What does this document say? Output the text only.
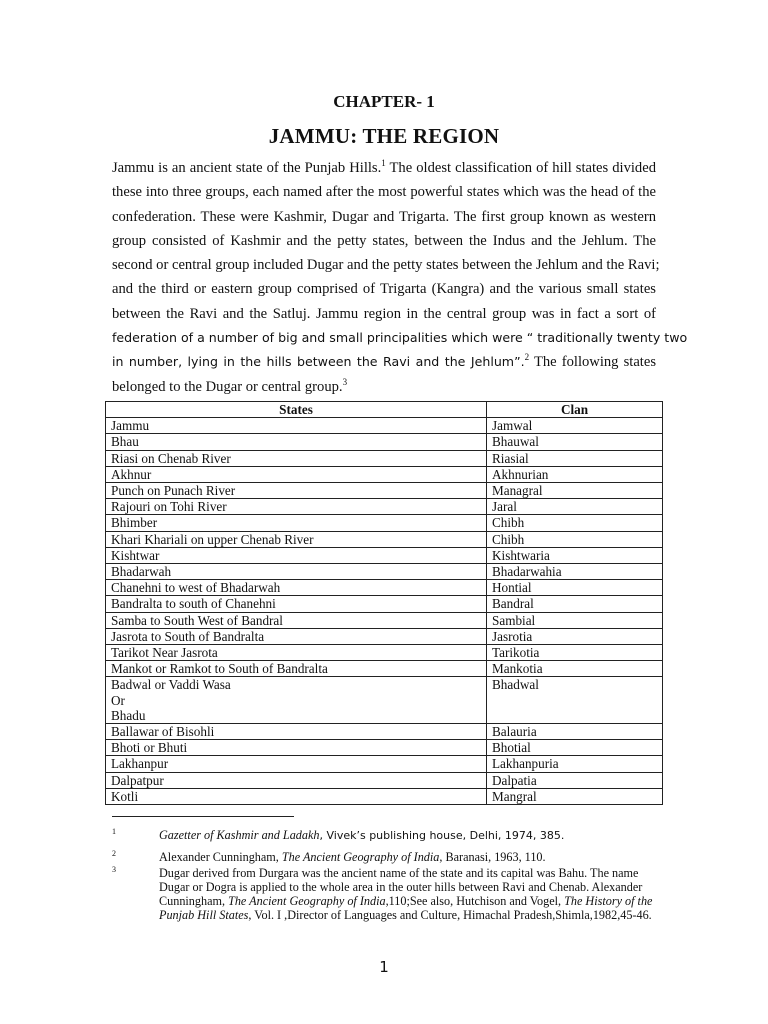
CHAPTER- 1
JAMMU: THE REGION
Jammu is an ancient state of the Punjab Hills.$^1$ The oldest classification of hill states divided
these into three groups, each named after the most powerful states which was the head of the
confederation. These were Kashmir, Dugar and Trigarta. The first group known as western
group consisted of Kashmir and the petty states, between the Indus and the Jehlum. The
second or central group included Dugar and the petty states between the Jehlum and the Ravi;
and the third or eastern group comprised of Trigarta (Kangra) and the various small states
between the Ravi and the Satluj. Jammu region in the central group was in fact a sort of
federation of a number of big and small principalities which were “ traditionally twenty two
in number, lying in the hills between the Ravi and the Jehlum”.$^2$ The following states
belonged to the Dugar or central group.$^3$
States	Clan
Jammu	Jamwal
Bhau	Bhauwal
Riasi on Chenab River	Riasial
Akhnur	Akhnurian
Punch on Punach River	Managral
Rajouri on Tohi River	Jaral
Bhimber	Chibh
Khari Khariali on upper Chenab River	Chibh
Kishtwar	Kishtwaria
Bhadarwah	Bhadarwahia
Chanehni to west of Bhadarwah	Hontial
Bandralta to south of Chanehni	Bandral
Samba to South West of Bandral	Sambial
Jasrota to South of Bandralta	Jasrotia
Tarikot Near Jasrota	Tarikotia
Mankot or Ramkot to South of Bandralta	Mankotia
Badwal or Vaddi Wasa
Or
Bhadu	Bhadwal
Ballawar of Bisohli	Balauria
Bhoti or Bhuti	Bhotial
Lakhanpur	Lakhanpuria
Dalpatpur	Dalpatia
Kotli	Mangral
1	Gazetter of Kashmir and Ladakh, Vivek’s publishing house, Delhi, 1974, 385.
2	Alexander Cunningham, The Ancient Geography of India, Baranasi, 1963, 110.
3	Dugar derived from Durgara was the ancient name of the state and its capital was Bahu. The name
Dugar or Dogra is applied to the whole area in the outer hills between Ravi and Chenab. Alexander
Cunningham, The Ancient Geography of India,110;See also, Hutchison and Vogel, The History of the
Punjab Hill States, Vol. I ,Director of Languages and Culture, Himachal Pradesh,Shimla,1982,45-46.
1
